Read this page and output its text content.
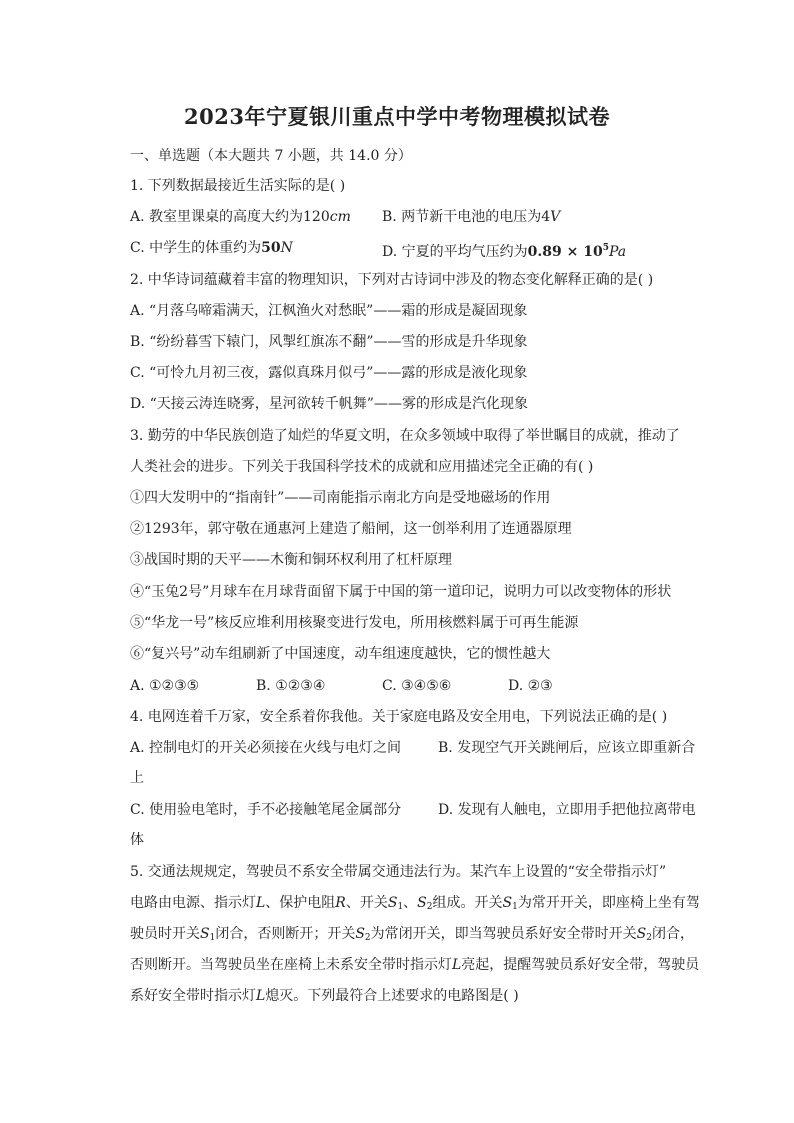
2023年宁夏银川重点中学中考物理模拟试卷
一、单选题（本大题共 7 小题，共 14.0 分）
1. 下列数据最接近生活实际的是( )
A. 教室里课桌的高度大约为120cm B. 两节新干电池的电压为4V
C. 中学生的体重约为50N	D. 宁夏的平均气压约为$0.89 \times 10^5Pa$
2. 中华诗词蕴藏着丰富的物理知识，下列对古诗词中涉及的物态变化解释正确的是( )
A. “月落乌啼霜满天，江枫渔火对愁眠”——霜的形成是凝固现象
B. “纷纷暮雪下辕门，风掣红旗冻不翻”——雪的形成是升华现象
C. “可怜九月初三夜，露似真珠月似弓”——露的形成是液化现象
D. “天接云涛连晓雾，星河欲转千帆舞”——雾的形成是汽化现象
3. 勤劳的中华民族创造了灿烂的华夏文明，在众多领域中取得了举世瞩目的成就，推动了
人类社会的进步。下列关于我国科学技术的成就和应用描述完全正确的有( )
①四大发明中的“指南针”——司南能指示南北方向是受地磁场的作用
②1293年，郭守敬在通惠河上建造了船闸，这一创举利用了连通器原理
③战国时期的天平——木衡和铜环权利用了杠杆原理
④“玉兔2号”月球车在月球背面留下属于中国的第一道印记，说明力可以改变物体的形状
⑤“华龙一号”核反应堆利用核聚变进行发电，所用核燃料属于可再生能源
⑥“复兴号”动车组刷新了中国速度，动车组速度越快，它的惯性越大
A. ①②③⑤	B. ①②③④	C. ③④⑤⑥	D. ②③
4. 电网连着千万家，安全系着你我他。关于家庭电路及安全用电，下列说法正确的是( )
A. 控制电灯的开关必须接在火线与电灯之间	B. 发现空气开关跳闸后，应该立即重新合
上
C. 使用验电笔时，手不必接触笔尾金属部分	D. 发现有人触电，立即用手把他拉离带电
体
5. 交通法规规定，驾驶员不系安全带属交通违法行为。某汽车上设置的“安全带指示灯”
电路由电源、指示灯L、保护电阻R、开关$S_1$、$S_2$组成。开关$S_1$为常开开关，即座椅上坐有驾
驶员时开关$S_1$闭合，否则断开；开关$S_2$为常闭开关，即当驾驶员系好安全带时开关$S_2$闭合，
否则断开。当驾驶员坐在座椅上未系安全带时指示灯L亮起，提醒驾驶员系好安全带，驾驶员
系好安全带时指示灯L熄灭。下列最符合上述要求的电路图是( )
